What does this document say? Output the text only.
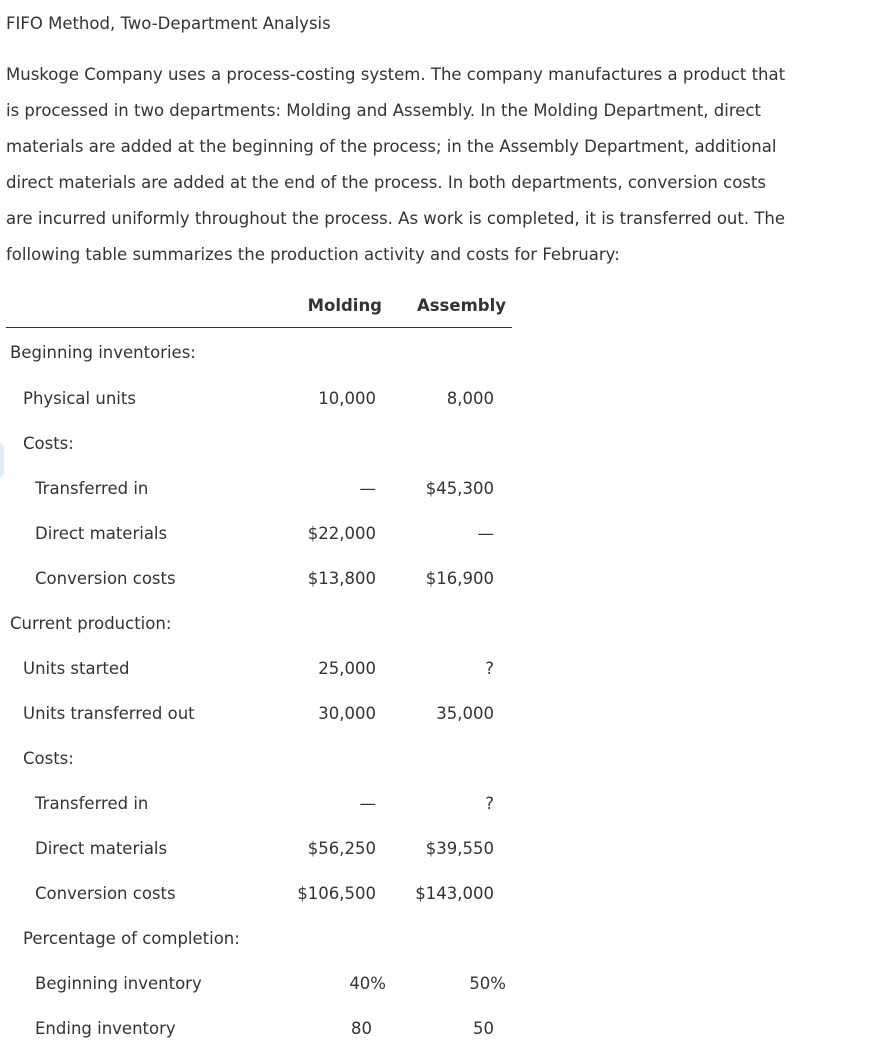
FIFO Method, Two-Department Analysis
Muskoge Company uses a process-costing system. The company manufactures a product that
is processed in two departments: Molding and Assembly. In the Molding Department, direct
materials are added at the beginning of the process; in the Assembly Department, additional
direct materials are added at the end of the process. In both departments, conversion costs
are incurred uniformly throughout the process. As work is completed, it is transferred out. The
following table summarizes the production activity and costs for February:
	Molding	Assembly
Beginning inventories:		
Physical units	10,000	8,000
Costs:		
Transferred in	—	$45,300
Direct materials	$22,000	—
Conversion costs	$13,800	$16,900
Current production:		
Units started	25,000	?
Units transferred out	30,000	35,000
Costs:		
Transferred in	—	?
Direct materials	$56,250	$39,550
Conversion costs	$106,500	$143,000
Percentage of completion:		
Beginning inventory	40%	50%
Ending inventory	80	50
